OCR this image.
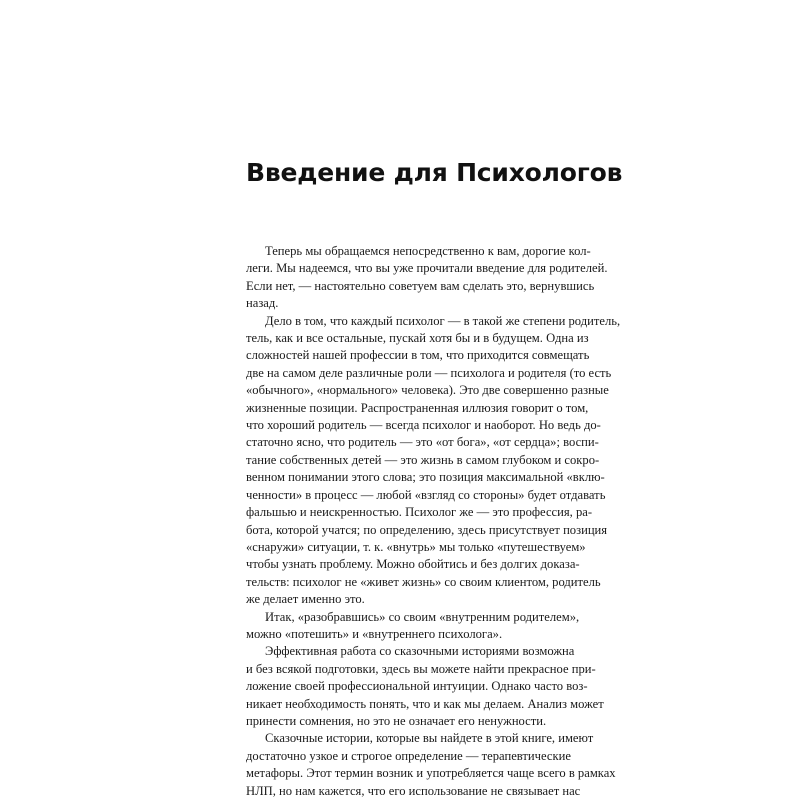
Введение для Психологов
Теперь мы обращаемся непосредственно к вам, дорогие кол-
леги. Мы надеемся, что вы уже прочитали введение для родителей.
Если нет, — настоятельно советуем вам сделать это, вернувшись
назад.
Дело в том, что каждый психолог — в такой же степени родитель,
тель, как и все остальные, пускай хотя бы и в будущем. Одна из
сложностей нашей профессии в том, что приходится совмещать
две на самом деле различные роли — психолога и родителя (то есть
«обычного», «нормального» человека). Это две совершенно разные
жизненные позиции. Распространенная иллюзия говорит о том,
что хороший родитель — всегда психолог и наоборот. Но ведь до-
статочно ясно, что родитель — это «от бога», «от сердца»; воспи-
тание собственных детей — это жизнь в самом глубоком и сокро-
венном понимании этого слова; это позиция максимальной «вклю-
ченности» в процесс — любой «взгляд со стороны» будет отдавать
фальшью и неискренностью. Психолог же — это профессия, ра-
бота, которой учатся; по определению, здесь присутствует позиция
«снаружи» ситуации, т. к. «внутрь» мы только «путешествуем»
чтобы узнать проблему. Можно обойтись и без долгих доказа-
тельств: психолог не «живет жизнь» со своим клиентом, родитель
же делает именно это.
Итак, «разобравшись» со своим «внутренним родителем»,
можно «потешить» и «внутреннего психолога».
Эффективная работа со сказочными историями возможна
и без всякой подготовки, здесь вы можете найти прекрасное при-
ложение своей профессиональной интуиции. Однако часто воз-
никает необходимость понять, что и как мы делаем. Анализ может
принести сомнения, но это не означает его ненужности.
Сказочные истории, которые вы найдете в этой книге, имеют
достаточно узкое и строгое определение — терапевтические
метафоры. Этот термин возник и употребляется чаще всего в рамках
НЛП, но нам кажется, что его использование не связывает нас
